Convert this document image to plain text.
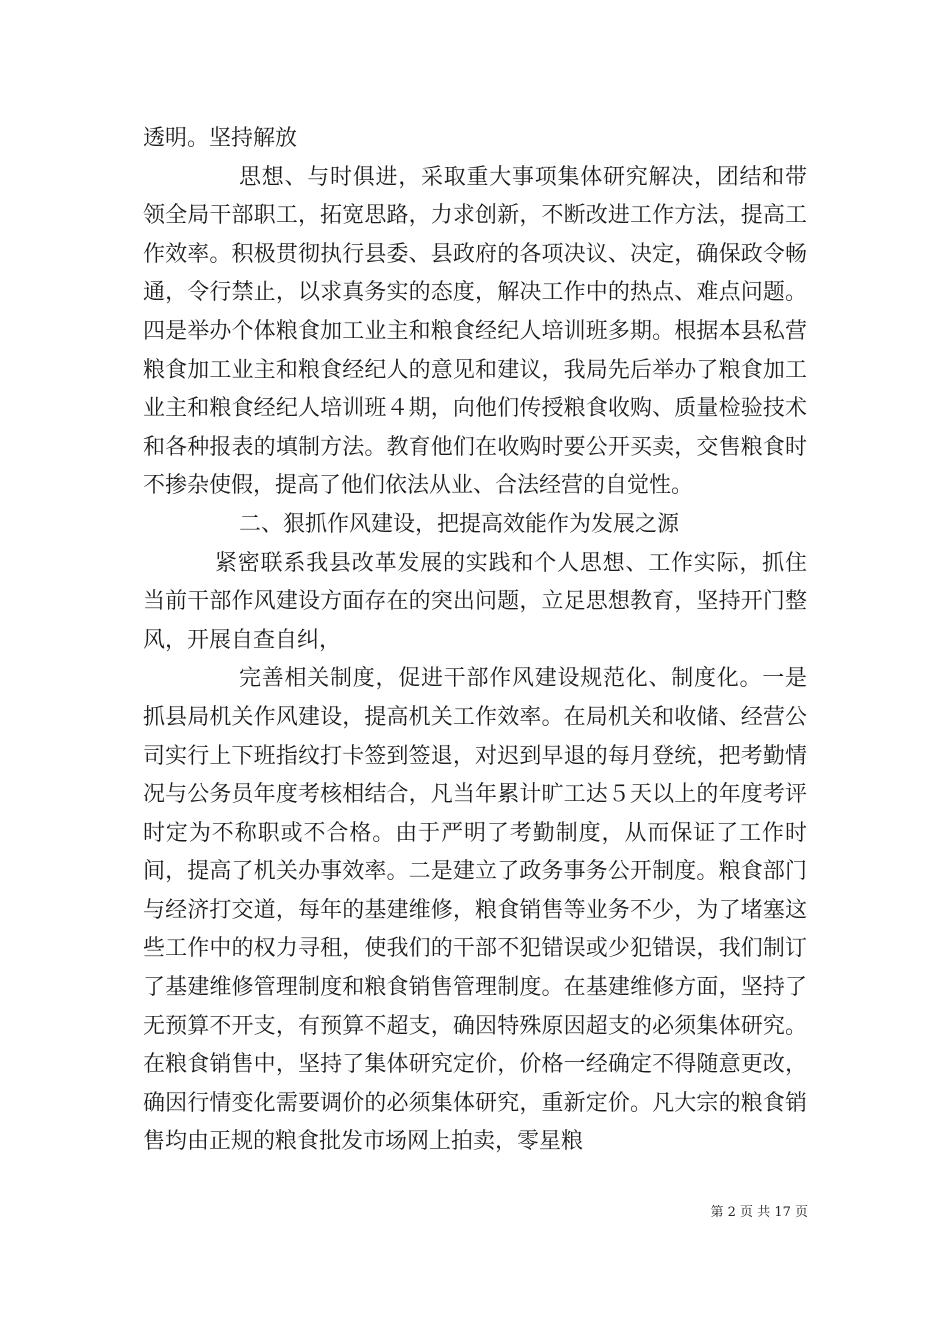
透明。坚持解放

思想、与时俱进，采取重大事项集体研究解决，团结和带领全局干部职工，拓宽思路，力求创新，不断改进工作方法，提高工作效率。积极贯彻执行县委、县政府的各项决议、决定，确保政令畅通，令行禁止，以求真务实的态度，解决工作中的热点、难点问题。四是举办个体粮食加工业主和粮食经纪人培训班多期。根据本县私营粮食加工业主和粮食经纪人的意见和建议，我局先后举办了粮食加工业主和粮食经纪人培训班４期，向他们传授粮食收购、质量检验技术和各种报表的填制方法。教育他们在收购时要公开买卖，交售粮食时不掺杂使假，提高了他们依法从业、合法经营的自觉性。

二、狠抓作风建设，把提高效能作为发展之源

紧密联系我县改革发展的实践和个人思想、工作实际，抓住当前干部作风建设方面存在的突出问题，立足思想教育，坚持开门整风，开展自查自纠，

完善相关制度，促进干部作风建设规范化、制度化。一是抓县局机关作风建设，提高机关工作效率。在局机关和收储、经营公司实行上下班指纹打卡签到签退，对迟到早退的每月登统，把考勤情况与公务员年度考核相结合，凡当年累计旷工达５天以上的年度考评时定为不称职或不合格。由于严明了考勤制度，从而保证了工作时间，提高了机关办事效率。二是建立了政务事务公开制度。粮食部门与经济打交道，每年的基建维修，粮食销售等业务不少，为了堵塞这些工作中的权力寻租，使我们的干部不犯错误或少犯错误，我们制订了基建维修管理制度和粮食销售管理制度。在基建维修方面，坚持了无预算不开支，有预算不超支，确因特殊原因超支的必须集体研究。在粮食销售中，坚持了集体研究定价，价格一经确定不得随意更改，确因行情变化需要调价的必须集体研究，重新定价。凡大宗的粮食销售均由正规的粮食批发市场网上拍卖，零星粮

第 2 页 共 17 页
